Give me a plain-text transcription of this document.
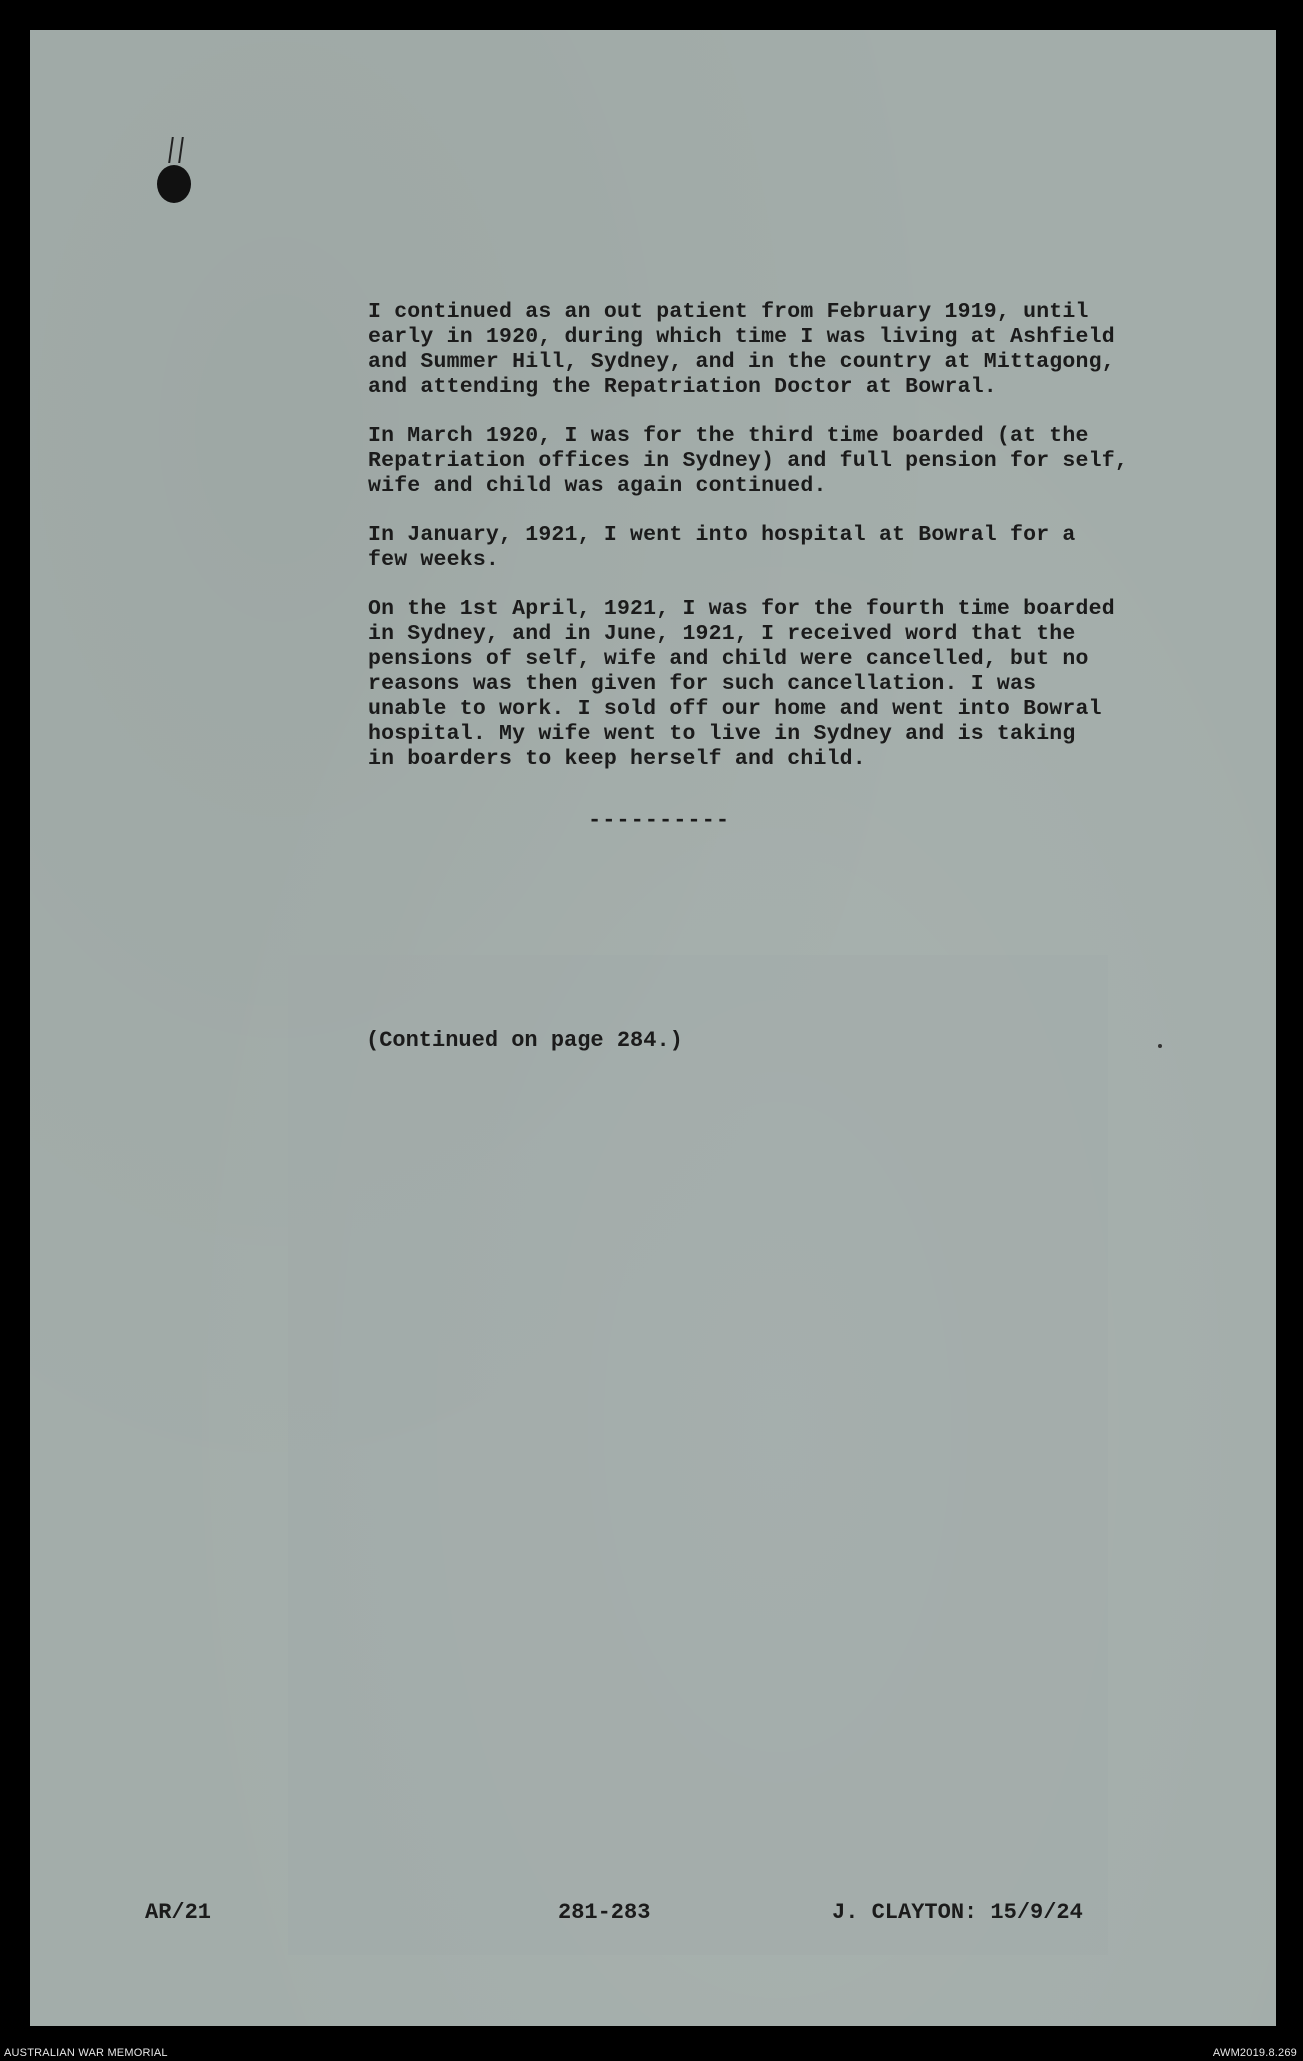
I continued as an out patient from February 1919, until
early in 1920, during which time I was living at Ashfield
and Summer Hill, Sydney, and in the country at Mittagong,
and attending the Repatriation Doctor at Bowral.

In March 1920, I was for the third time boarded (at the
Repatriation offices in Sydney) and full pension for self,
wife and child was again continued.

In January, 1921, I went into hospital at Bowral for a
few weeks.

On the 1st April, 1921, I was for the fourth time boarded
in Sydney, and in June, 1921, I received word that the
pensions of self, wife and child were cancelled, but no
reasons was then given for such cancellation. I was
unable to work. I sold off our home and went into Bowral
hospital. My wife went to live in Sydney and is taking
in boarders to keep herself and child.

----------
(Continued on page 284.)
AR/21	281-283	J. CLAYTON: 15/9/24
AUSTRALIAN WAR MEMORIAL	AWM2019.8.269
